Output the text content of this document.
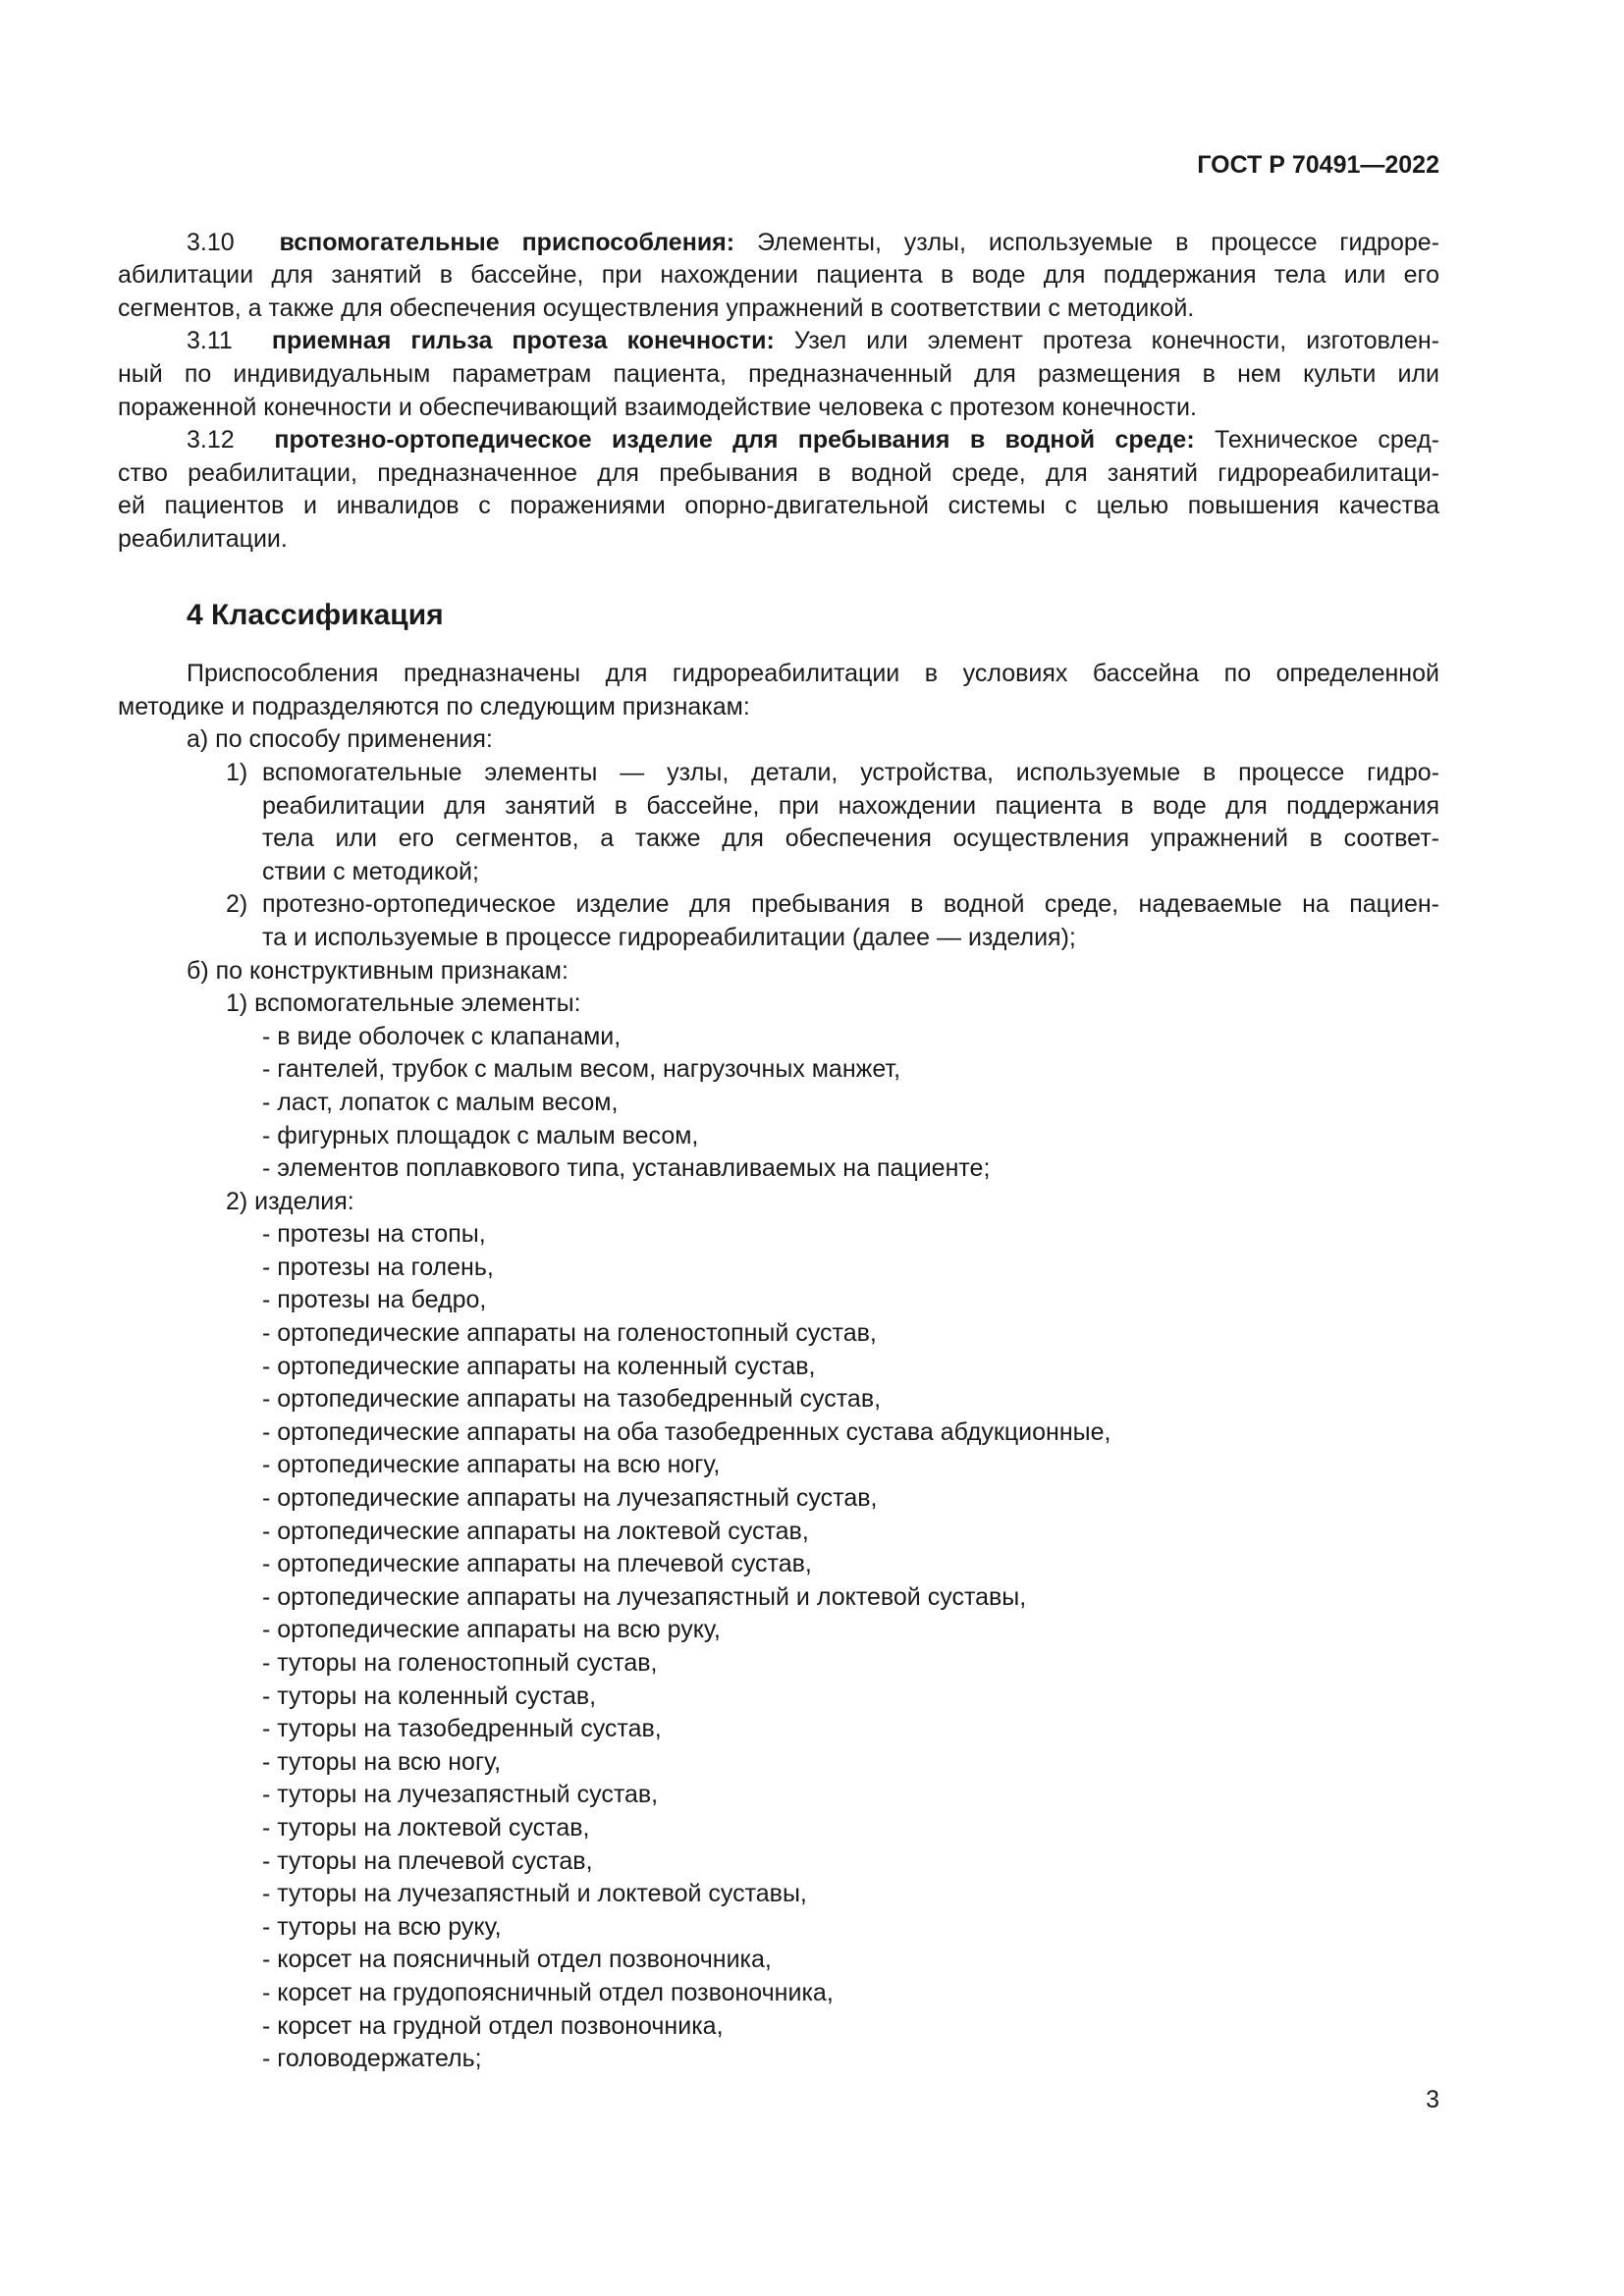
ГОСТ Р 70491—2022
3.10 вспомогательные приспособления: Элементы, узлы, используемые в процессе гидроре-
абилитации для занятий в бассейне, при нахождении пациента в воде для поддержания тела или его
сегментов, а также для обеспечения осуществления упражнений в соответствии с методикой.
3.11 приемная гильза протеза конечности: Узел или элемент протеза конечности, изготовлен-
ный по индивидуальным параметрам пациента, предназначенный для размещения в нем культи или
пораженной конечности и обеспечивающий взаимодействие человека с протезом конечности.
3.12 протезно-ортопедическое изделие для пребывания в водной среде: Техническое сред-
ство реабилитации, предназначенное для пребывания в водной среде, для занятий гидрореабилитаци-
ей пациентов и инвалидов с поражениями опорно-двигательной системы с целью повышения качества
реабилитации.
4 Классификация
Приспособления предназначены для гидрореабилитации в условиях бассейна по определенной
методике и подразделяются по следующим признакам:
а) по способу применения:
1) вспомогательные элементы — узлы, детали, устройства, используемые в процессе гидро-
реабилитации для занятий в бассейне, при нахождении пациента в воде для поддержания
тела или его сегментов, а также для обеспечения осуществления упражнений в соответ-
ствии с методикой;
2) протезно-ортопедическое изделие для пребывания в водной среде, надеваемые на пациен-
та и используемые в процессе гидрореабилитации (далее — изделия);
б) по конструктивным признакам:
1) вспомогательные элементы:
- в виде оболочек с клапанами,
- гантелей, трубок с малым весом, нагрузочных манжет,
- ласт, лопаток с малым весом,
- фигурных площадок с малым весом,
- элементов поплавкового типа, устанавливаемых на пациенте;
2) изделия:
- протезы на стопы,
- протезы на голень,
- протезы на бедро,
- ортопедические аппараты на голеностопный сустав,
- ортопедические аппараты на коленный сустав,
- ортопедические аппараты на тазобедренный сустав,
- ортопедические аппараты на оба тазобедренных сустава абдукционные,
- ортопедические аппараты на всю ногу,
- ортопедические аппараты на лучезапястный сустав,
- ортопедические аппараты на локтевой сустав,
- ортопедические аппараты на плечевой сустав,
- ортопедические аппараты на лучезапястный и локтевой суставы,
- ортопедические аппараты на всю руку,
- туторы на голеностопный сустав,
- туторы на коленный сустав,
- туторы на тазобедренный сустав,
- туторы на всю ногу,
- туторы на лучезапястный сустав,
- туторы на локтевой сустав,
- туторы на плечевой сустав,
- туторы на лучезапястный и локтевой суставы,
- туторы на всю руку,
- корсет на поясничный отдел позвоночника,
- корсет на грудопоясничный отдел позвоночника,
- корсет на грудной отдел позвоночника,
- головодержатель;
3
